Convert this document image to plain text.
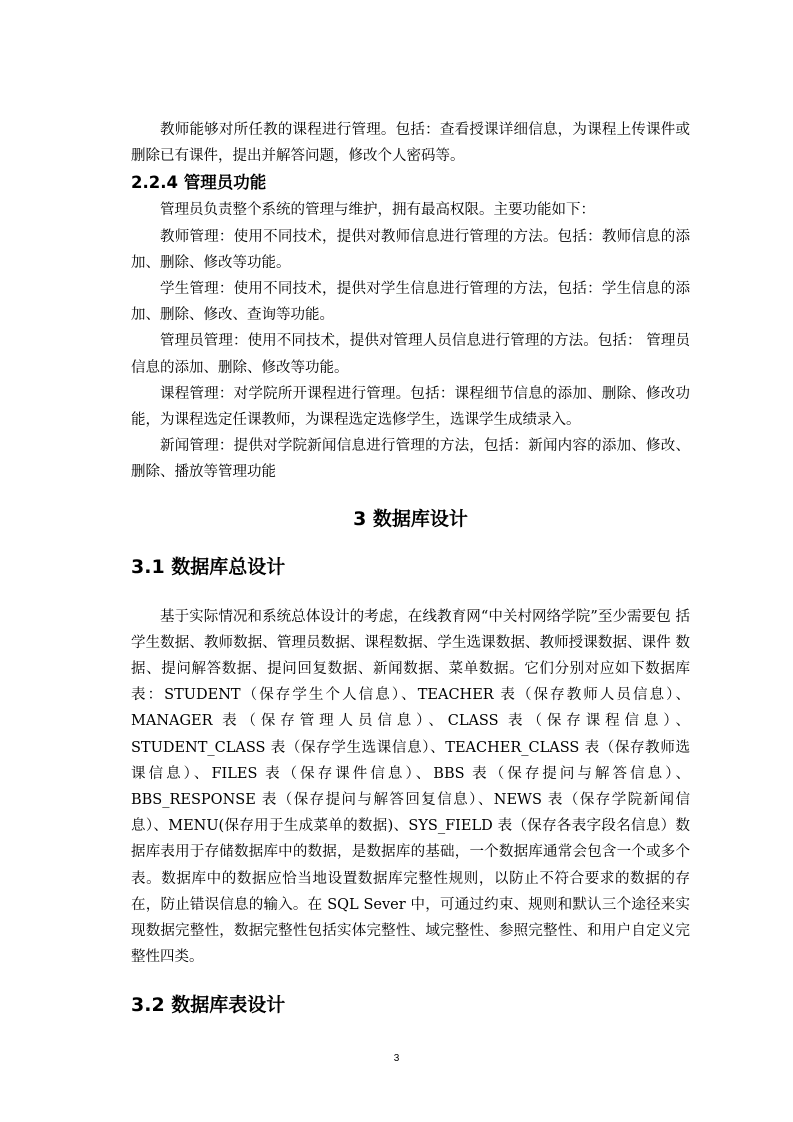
教师能够对所任教的课程进行管理。包括：查看授课详细信息，为课程上传课件或删除已有课件，提出并解答问题，修改个人密码等。

2.2.4 管理员功能

管理员负责整个系统的管理与维护，拥有最高权限。主要功能如下：

教师管理：使用不同技术，提供对教师信息进行管理的方法。包括：教师信息的添加、删除、修改等功能。

学生管理：使用不同技术，提供对学生信息进行管理的方法，包括：学生信息的添加、删除、修改、查询等功能。

管理员管理：使用不同技术，提供对管理人员信息进行管理的方法。包括： 管理员信息的添加、删除、修改等功能。

课程管理：对学院所开课程进行管理。包括：课程细节信息的添加、删除、修改功能，为课程选定任课教师，为课程选定选修学生，选课学生成绩录入。

新闻管理：提供对学院新闻信息进行管理的方法，包括：新闻内容的添加、修改、删除、播放等管理功能

3 数据库设计
3.1 数据库总设计

基于实际情况和系统总体设计的考虑，在线教育网“中关村网络学院”至少需要包 括学生数据、教师数据、管理员数据、课程数据、学生选课数据、教师授课数据、课件 数据、提问解答数据、提问回复数据、新闻数据、菜单数据。它们分别对应如下数据库 表：STUDENT（保存学生个人信息）、TEACHER 表（保存教师人员信息）、MANAGER 表（保存管理人员信息）、CLASS 表（保存课程信息）、STUDENT_CLASS 表（保存学生选课信息）、TEACHER_CLASS 表（保存教师选课信息）、FILES 表（保存课件信息）、BBS 表（保存提问与解答信息）、BBS_RESPONSE 表（保存提问与解答回复信息）、NEWS 表（保存学院新闻信息）、MENU(保存用于生成菜单的数据)、SYS_FIELD 表（保存各表字段名信息）数据库表用于存储数据库中的数据，是数据库的基础，一个数据库通常会包含一个或多个表。数据库中的数据应恰当地设置数据库完整性规则，以防止不符合要求的数据的存在，防止错误信息的输入。在 SQL Sever 中，可通过约束、规则和默认三个途径来实现数据完整性，数据完整性包括实体完整性、域完整性、参照完整性、和用户自定义完整性四类。

3.2 数据库表设计
3
